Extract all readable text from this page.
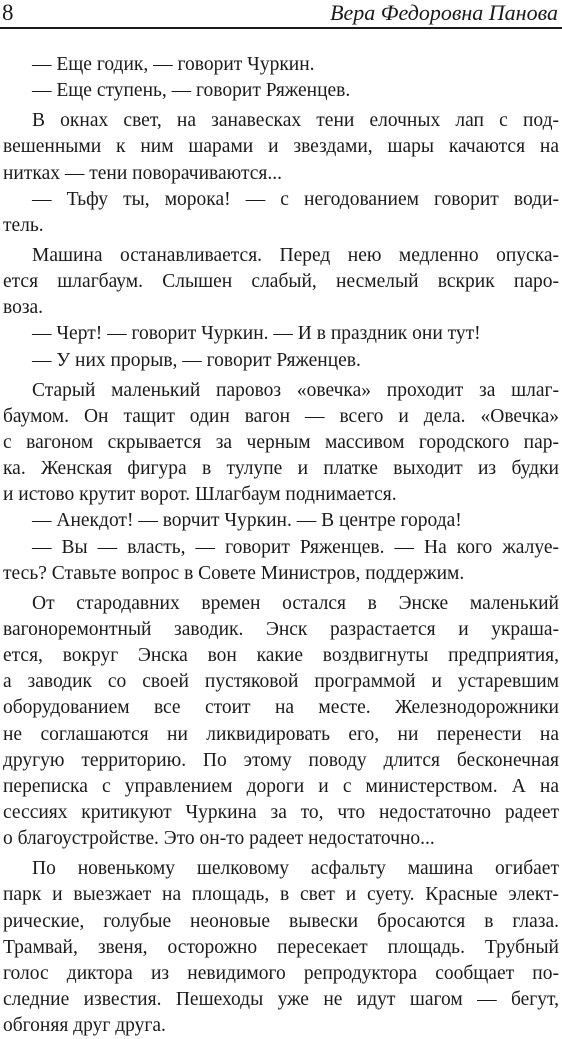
8	Вера Федоровна Панова
— Еще годик, — говорит Чуркин.
— Еще ступень, — говорит Ряженцев.
В окнах свет, на занавесках тени елочных лап с под-
вешенными к ним шарами и звездами, шары качаются на
нитках — тени поворачиваются...
— Тьфу ты, морока! — с негодованием говорит води-
тель.
Машина останавливается. Перед нею медленно опуска-
ется шлагбаум. Слышен слабый, несмелый вскрик паро-
воза.
— Черт! — говорит Чуркин. — И в праздник они тут!
— У них прорыв, — говорит Ряженцев.
Старый маленький паровоз «овечка» проходит за шлаг-
баумом. Он тащит один вагон — всего и дела. «Овечка»
с вагоном скрывается за черным массивом городского пар-
ка. Женская фигура в тулупе и платке выходит из будки
и истово крутит ворот. Шлагбаум поднимается.
— Анекдот! — ворчит Чуркин. — В центре города!
— Вы — власть, — говорит Ряженцев. — На кого жалуе-
тесь? Ставьте вопрос в Совете Министров, поддержим.
От стародавних времен остался в Энске маленький
вагоноремонтный заводик. Энск разрастается и украша-
ется, вокруг Энска вон какие воздвигнуты предприятия,
а заводик со своей пустяковой программой и устаревшим
оборудованием все стоит на месте. Железнодорожники
не соглашаются ни ликвидировать его, ни перенести на
другую территорию. По этому поводу длится бесконечная
переписка с управлением дороги и с министерством. А на
сессиях критикуют Чуркина за то, что недостаточно радеет
о благоустройстве. Это он-то радеет недостаточно...
По новенькому шелковому асфальту машина огибает
парк и выезжает на площадь, в свет и суету. Красные элект-
рические, голубые неоновые вывески бросаются в глаза.
Трамвай, звеня, осторожно пересекает площадь. Трубный
голос диктора из невидимого репродуктора сообщает по-
следние известия. Пешеходы уже не идут шагом — бегут,
обгоняя друг друга.
